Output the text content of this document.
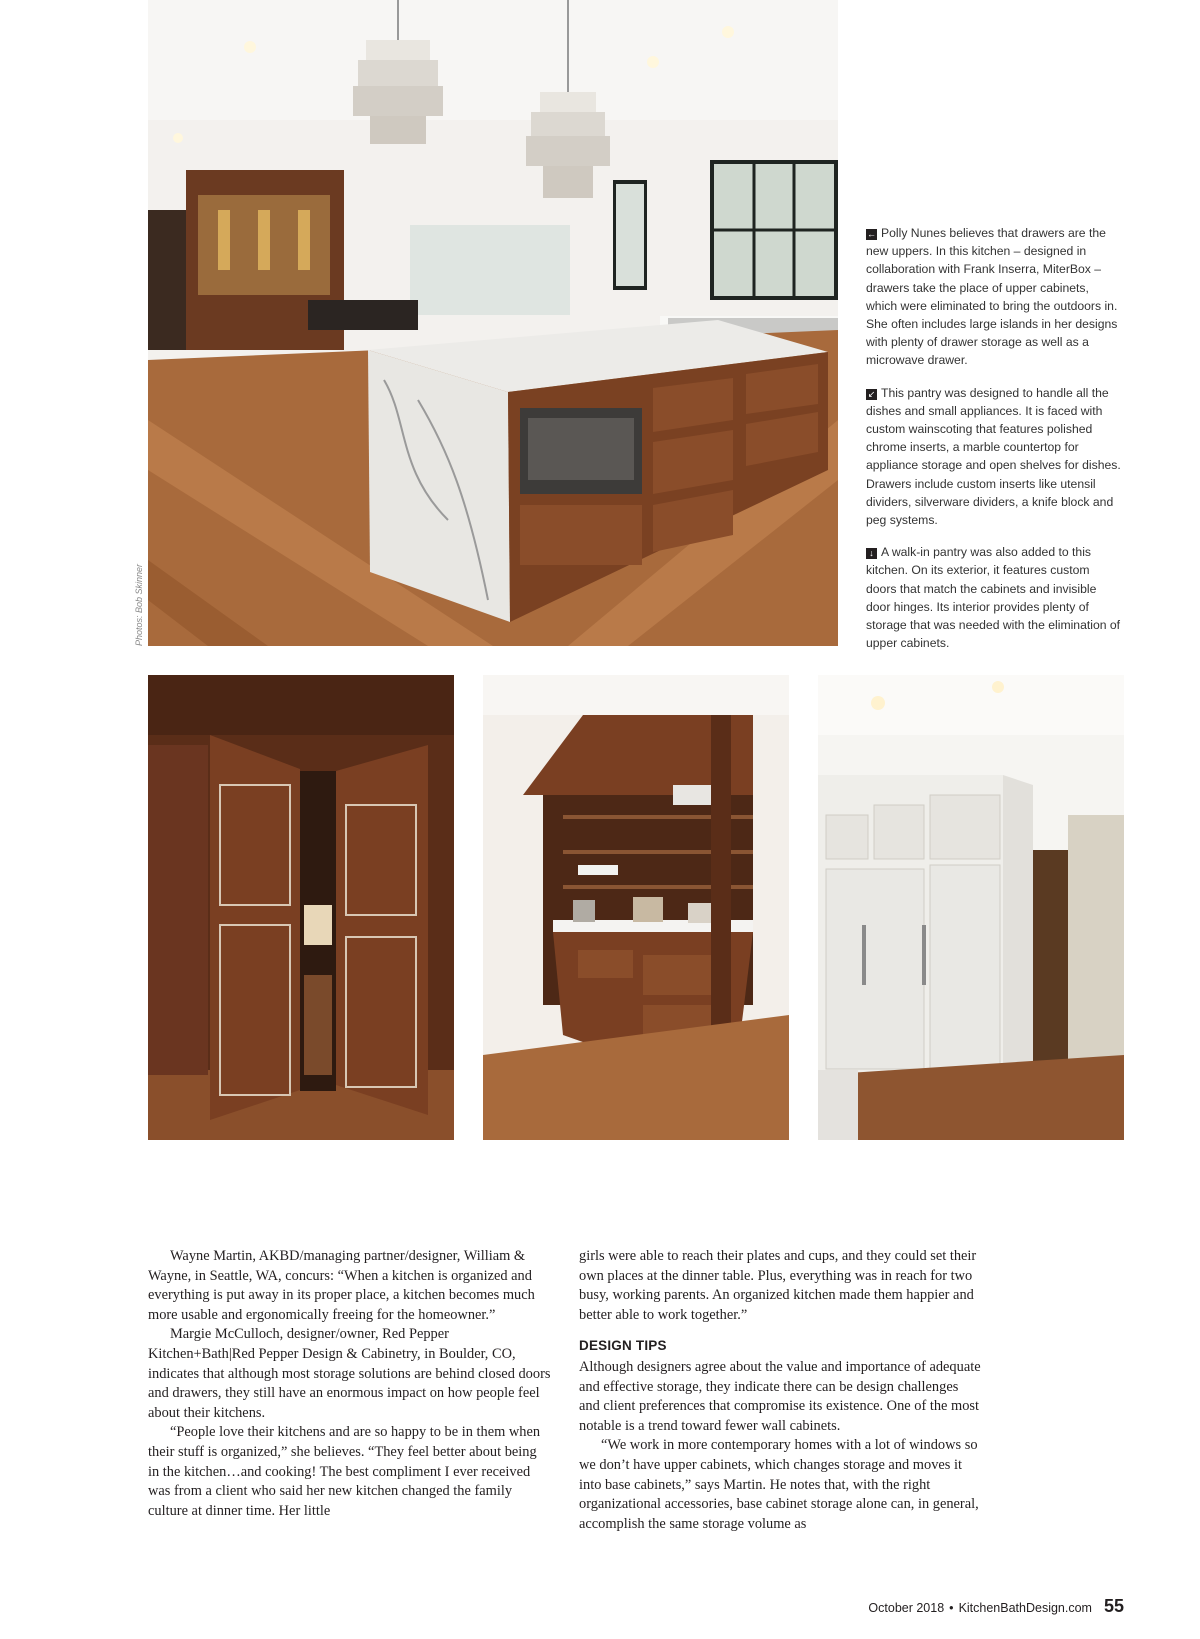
Photos: Bob Skinner

← Polly Nunes believes that drawers are the new uppers. In this kitchen – designed in collaboration with Frank Inserra, MiterBox – drawers take the place of upper cabinets, which were eliminated to bring the outdoors in. She often includes large islands in her designs with plenty of drawer storage as well as a microwave drawer.

↙ This pantry was designed to handle all the dishes and small appliances. It is faced with custom wainscoting that features polished chrome inserts, a marble countertop for appliance storage and open shelves for dishes. Drawers include custom inserts like utensil dividers, silverware dividers, a knife block and peg systems.

↓ A walk-in pantry was also added to this kitchen. On its exterior, it features custom doors that match the cabinets and invisible door hinges. Its interior provides plenty of storage that was needed with the elimination of upper cabinets.

Wayne Martin, AKBD/managing partner/designer, William & Wayne, in Seattle, WA, concurs: “When a kitchen is organized and everything is put away in its proper place, a kitchen becomes much more usable and ergonomically freeing for the homeowner.”

Margie McCulloch, designer/owner, Red Pepper Kitchen+Bath|Red Pepper Design & Cabinetry, in Boulder, CO, indicates that although most storage solutions are behind closed doors and drawers, they still have an enormous impact on how people feel about their kitchens.

“People love their kitchens and are so happy to be in them when their stuff is organized,” she believes. “They feel better about being in the kitchen…and cooking! The best compliment I ever received was from a client who said her new kitchen changed the family culture at dinner time. Her little

girls were able to reach their plates and cups, and they could set their own places at the dinner table. Plus, everything was in reach for two busy, working parents. An organized kitchen made them happier and better able to work together.”

DESIGN TIPS

Although designers agree about the value and importance of adequate and effective storage, they indicate there can be design challenges and client preferences that compromise its existence. One of the most notable is a trend toward fewer wall cabinets.

“We work in more contemporary homes with a lot of windows so we don’t have upper cabinets, which changes storage and moves it into base cabinets,” says Martin. He notes that, with the right organizational accessories, base cabinet storage alone can, in general, accomplish the same storage volume as

October 2018 • KitchenBathDesign.com 55
